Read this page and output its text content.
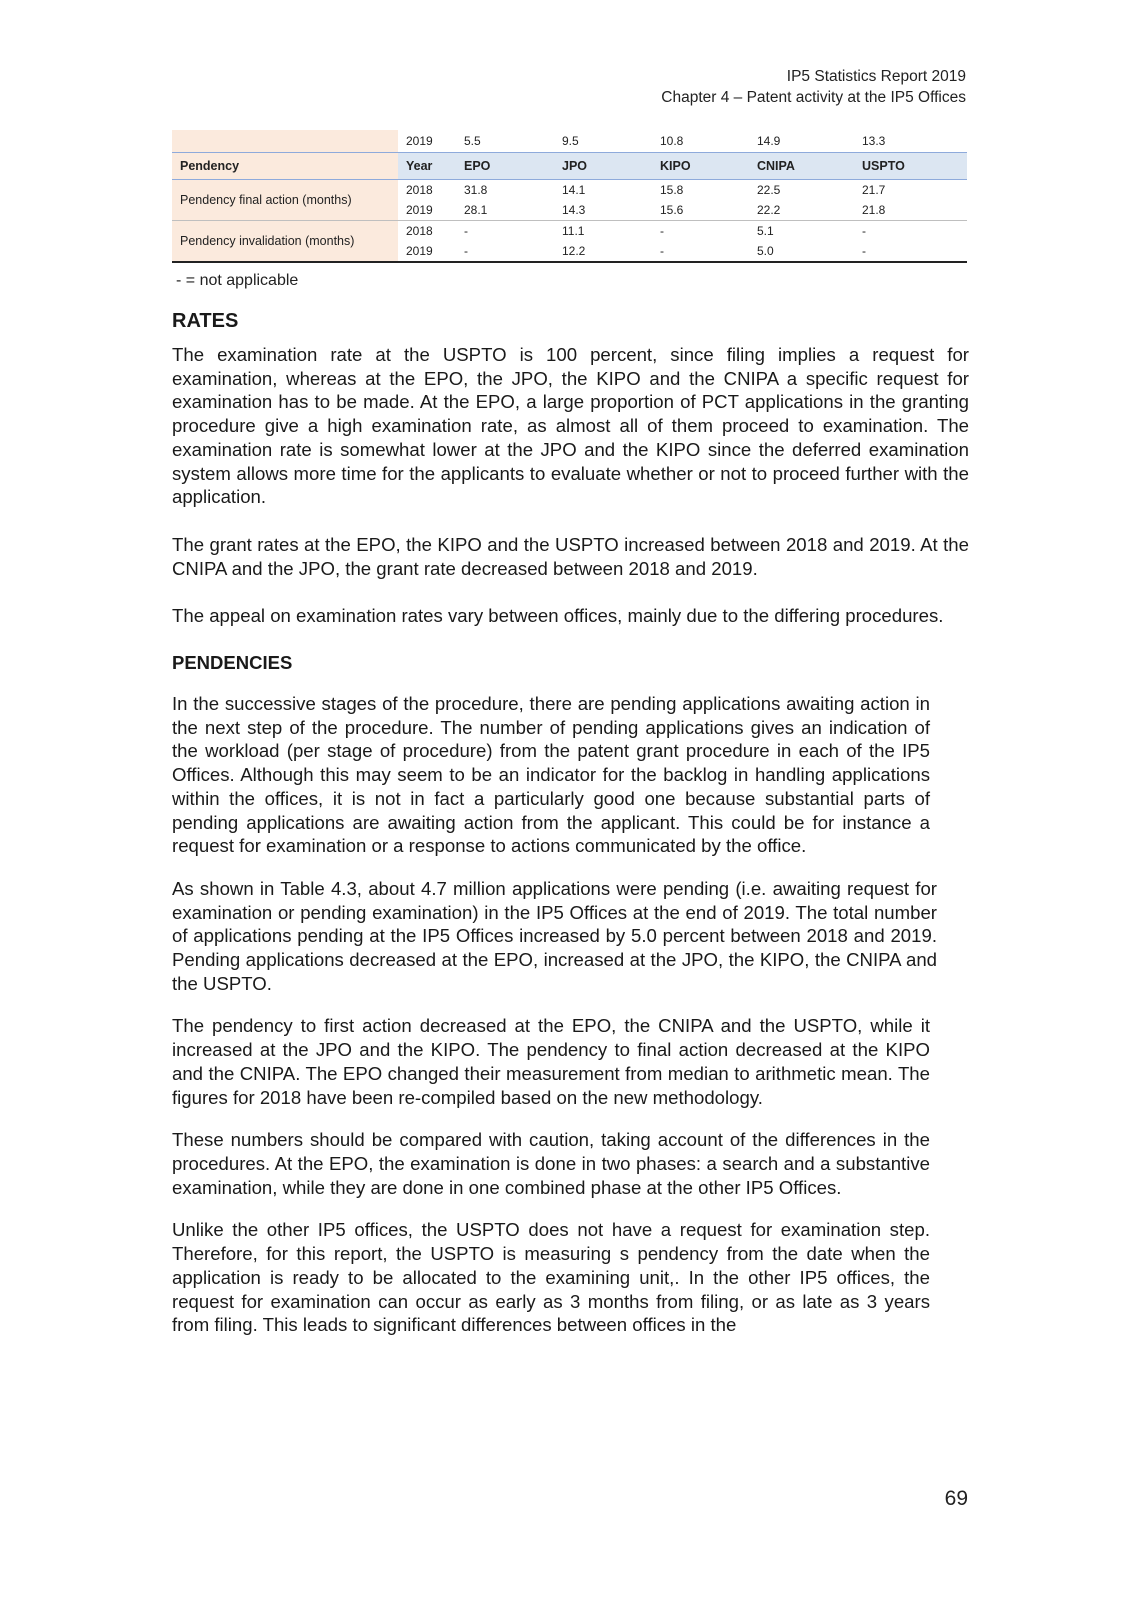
IP5 Statistics Report 2019
Chapter 4 – Patent activity at the IP5 Offices
	2019	5.5	9.5	10.8	14.9	13.3
Pendency	Year	EPO	JPO	KIPO	CNIPA	USPTO
Pendency final action (months)	2018	31.8	14.1	15.8	22.5	21.7
	2019	28.1	14.3	15.6	22.2	21.8
Pendency invalidation (months)	2018	-	11.1	-	5.1	-
	2019	-	12.2	-	5.0	-
- = not applicable
RATES

The examination rate at the USPTO is 100 percent, since filing implies a request for examination, whereas at the EPO, the JPO, the KIPO and the CNIPA a specific request for examination has to be made. At the EPO, a large proportion of PCT applications in the granting procedure give a high examination rate, as almost all of them proceed to examination. The examination rate is somewhat lower at the JPO and the KIPO since the deferred examination system allows more time for the applicants to evaluate whether or not to proceed further with the application.

The grant rates at the EPO, the KIPO and the USPTO increased between 2018 and 2019. At the CNIPA and the JPO, the grant rate decreased between 2018 and 2019.

The appeal on examination rates vary between offices, mainly due to the differing procedures.

PENDENCIES

In the successive stages of the procedure, there are pending applications awaiting action in the next step of the procedure. The number of pending applications gives an indication of the workload (per stage of procedure) from the patent grant procedure in each of the IP5 Offices. Although this may seem to be an indicator for the backlog in handling applications within the offices, it is not in fact a particularly good one because substantial parts of pending applications are awaiting action from the applicant. This could be for instance a request for examination or a response to actions communicated by the office.

As shown in Table 4.3, about 4.7 million applications were pending (i.e. awaiting request for examination or pending examination) in the IP5 Offices at the end of 2019. The total number of applications pending at the IP5 Offices increased by 5.0 percent between 2018 and 2019. Pending applications decreased at the EPO, increased at the JPO, the KIPO, the CNIPA and the USPTO.

The pendency to first action decreased at the EPO, the CNIPA and the USPTO, while it increased at the JPO and the KIPO. The pendency to final action decreased at the KIPO and the CNIPA. The EPO changed their measurement from median to arithmetic mean. The figures for 2018 have been re-compiled based on the new methodology.

These numbers should be compared with caution, taking account of the differences in the procedures. At the EPO, the examination is done in two phases: a search and a substantive examination, while they are done in one combined phase at the other IP5 Offices.

Unlike the other IP5 offices, the USPTO does not have a request for examination step. Therefore, for this report, the USPTO is measuring s pendency from the date when the application is ready to be allocated to the examining unit,. In the other IP5 offices, the request for examination can occur as early as 3 months from filing, or as late as 3 years from filing. This leads to significant differences between offices in the

69
